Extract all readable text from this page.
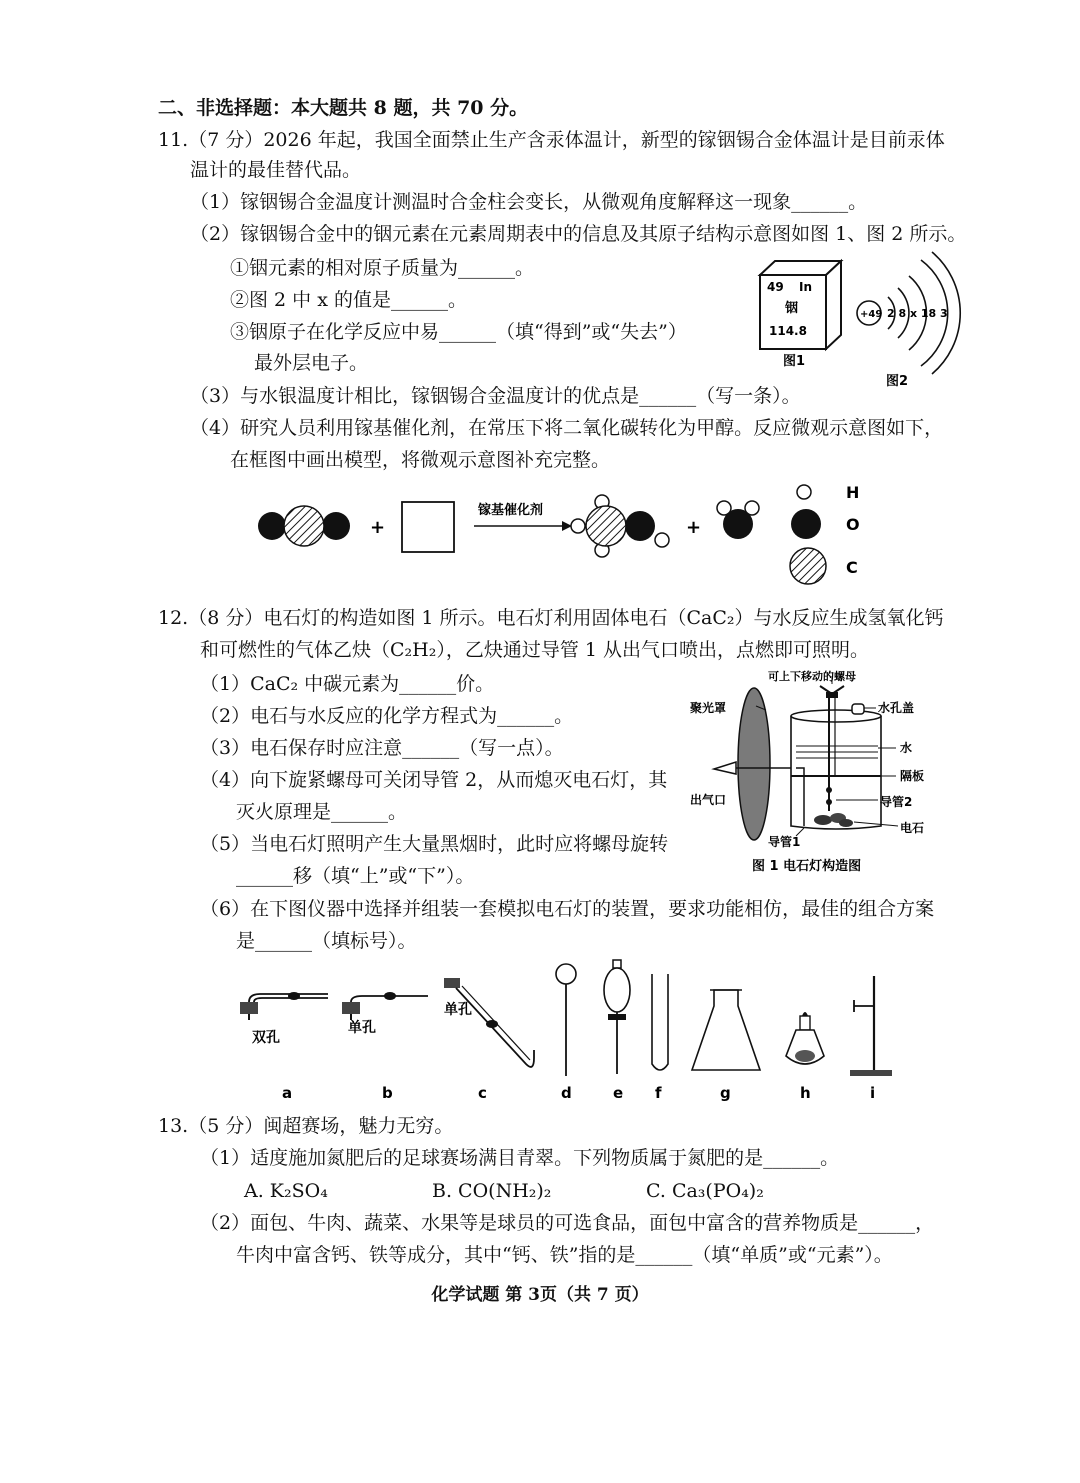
二、非选择题：本大题共 8 题，共 70 分。
11.（7 分）2026 年起，我国全面禁止生产含汞体温计，新型的镓铟锡合金体温计是目前汞体
温计的最佳替代品。
（1）镓铟锡合金温度计测温时合金柱会变长，从微观角度解释这一现象______。
（2）镓铟锡合金中的铟元素在元素周期表中的信息及其原子结构示意图如图 1、图 2 所示。
①铟元素的相对原子质量为______。
②图 2 中 x 的值是______。
③铟原子在化学反应中易______（填“得到”或“失去”）
最外层电子。
（3）与水银温度计相比，镓铟锡合金温度计的优点是______（写一条）。
（4）研究人员利用镓基催化剂，在常压下将二氧化碳转化为甲醇。反应微观示意图如下，
在框图中画出模型，将微观示意图补充完整。
49 In
铟
114.8
图1
+49 2 8 x 18 3
图2
+
镓基催化剂
+
H
O
C
12.（8 分）电石灯的构造如图 1 所示。电石灯利用固体电石（CaC₂）与水反应生成氢氧化钙
和可燃性的气体乙炔（C₂H₂），乙炔通过导管 1 从出气口喷出，点燃即可照明。
（1）CaC₂ 中碳元素为______价。
（2）电石与水反应的化学方程式为______。
（3）电石保存时应注意______（写一点）。
（4）向下旋紧螺母可关闭导管 2，从而熄灭电石灯，其
灭火原理是______。
（5）当电石灯照明产生大量黑烟时，此时应将螺母旋转
______移（填“上”或“下”）。
（6）在下图仪器中选择并组装一套模拟电石灯的装置，要求功能相仿，最佳的组合方案
是______（填标号）。
可上下移动的螺母
聚光罩	水孔盖
水
隔板
出气口	导管2
电石
导管1
图 1 电石灯构造图
双孔
单孔
单孔
a	b	c	d	e f	g	h	i
13.（5 分）闽超赛场，魅力无穷。
（1）适度施加氮肥后的足球赛场满目青翠。下列物质属于氮肥的是______。
A. K₂SO₄	B. CO(NH₂)₂	C. Ca₃(PO₄)₂
（2）面包、牛肉、蔬菜、水果等是球员的可选食品，面包中富含的营养物质是______，
牛肉中富含钙、铁等成分，其中“钙、铁”指的是______（填“单质”或“元素”）。
化学试题 第 3页（共 7 页）
